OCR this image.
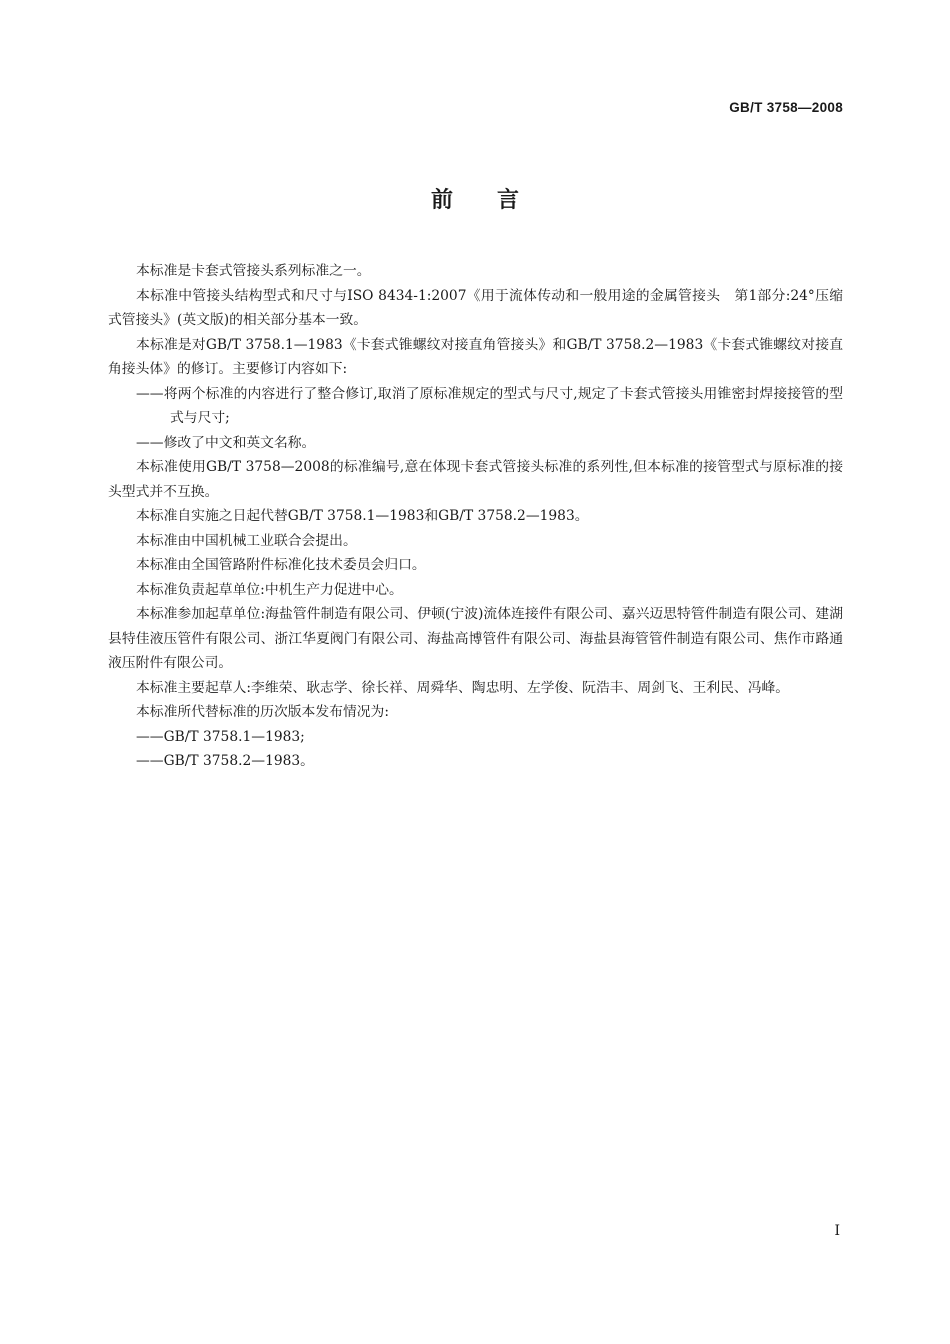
GB/T 3758—2008
前言

本标准是卡套式管接头系列标准之一。

本标准中管接头结构型式和尺寸与ISO 8434-1:2007《用于流体传动和一般用途的金属管接头　第1部分:24°压缩式管接头》(英文版)的相关部分基本一致。

本标准是对GB/T 3758.1—1983《卡套式锥螺纹对接直角管接头》和GB/T 3758.2—1983《卡套式锥螺纹对接直角接头体》的修订。主要修订内容如下:

——将两个标准的内容进行了整合修订,取消了原标准规定的型式与尺寸,规定了卡套式管接头用锥密封焊接接管的型式与尺寸;

——修改了中文和英文名称。

本标准使用GB/T 3758—2008的标准编号,意在体现卡套式管接头标准的系列性,但本标准的接管型式与原标准的接头型式并不互换。

本标准自实施之日起代替GB/T 3758.1—1983和GB/T 3758.2—1983。

本标准由中国机械工业联合会提出。

本标准由全国管路附件标准化技术委员会归口。

本标准负责起草单位:中机生产力促进中心。

本标准参加起草单位:海盐管件制造有限公司、伊顿(宁波)流体连接件有限公司、嘉兴迈思特管件制造有限公司、建湖县特佳液压管件有限公司、浙江华夏阀门有限公司、海盐高博管件有限公司、海盐县海管管件制造有限公司、焦作市路通液压附件有限公司。

本标准主要起草人:李维荣、耿志学、徐长祥、周舜华、陶忠明、左学俊、阮浩丰、周剑飞、王利民、冯峰。

本标准所代替标准的历次版本发布情况为:

——GB/T 3758.1—1983;

——GB/T 3758.2—1983。

I
